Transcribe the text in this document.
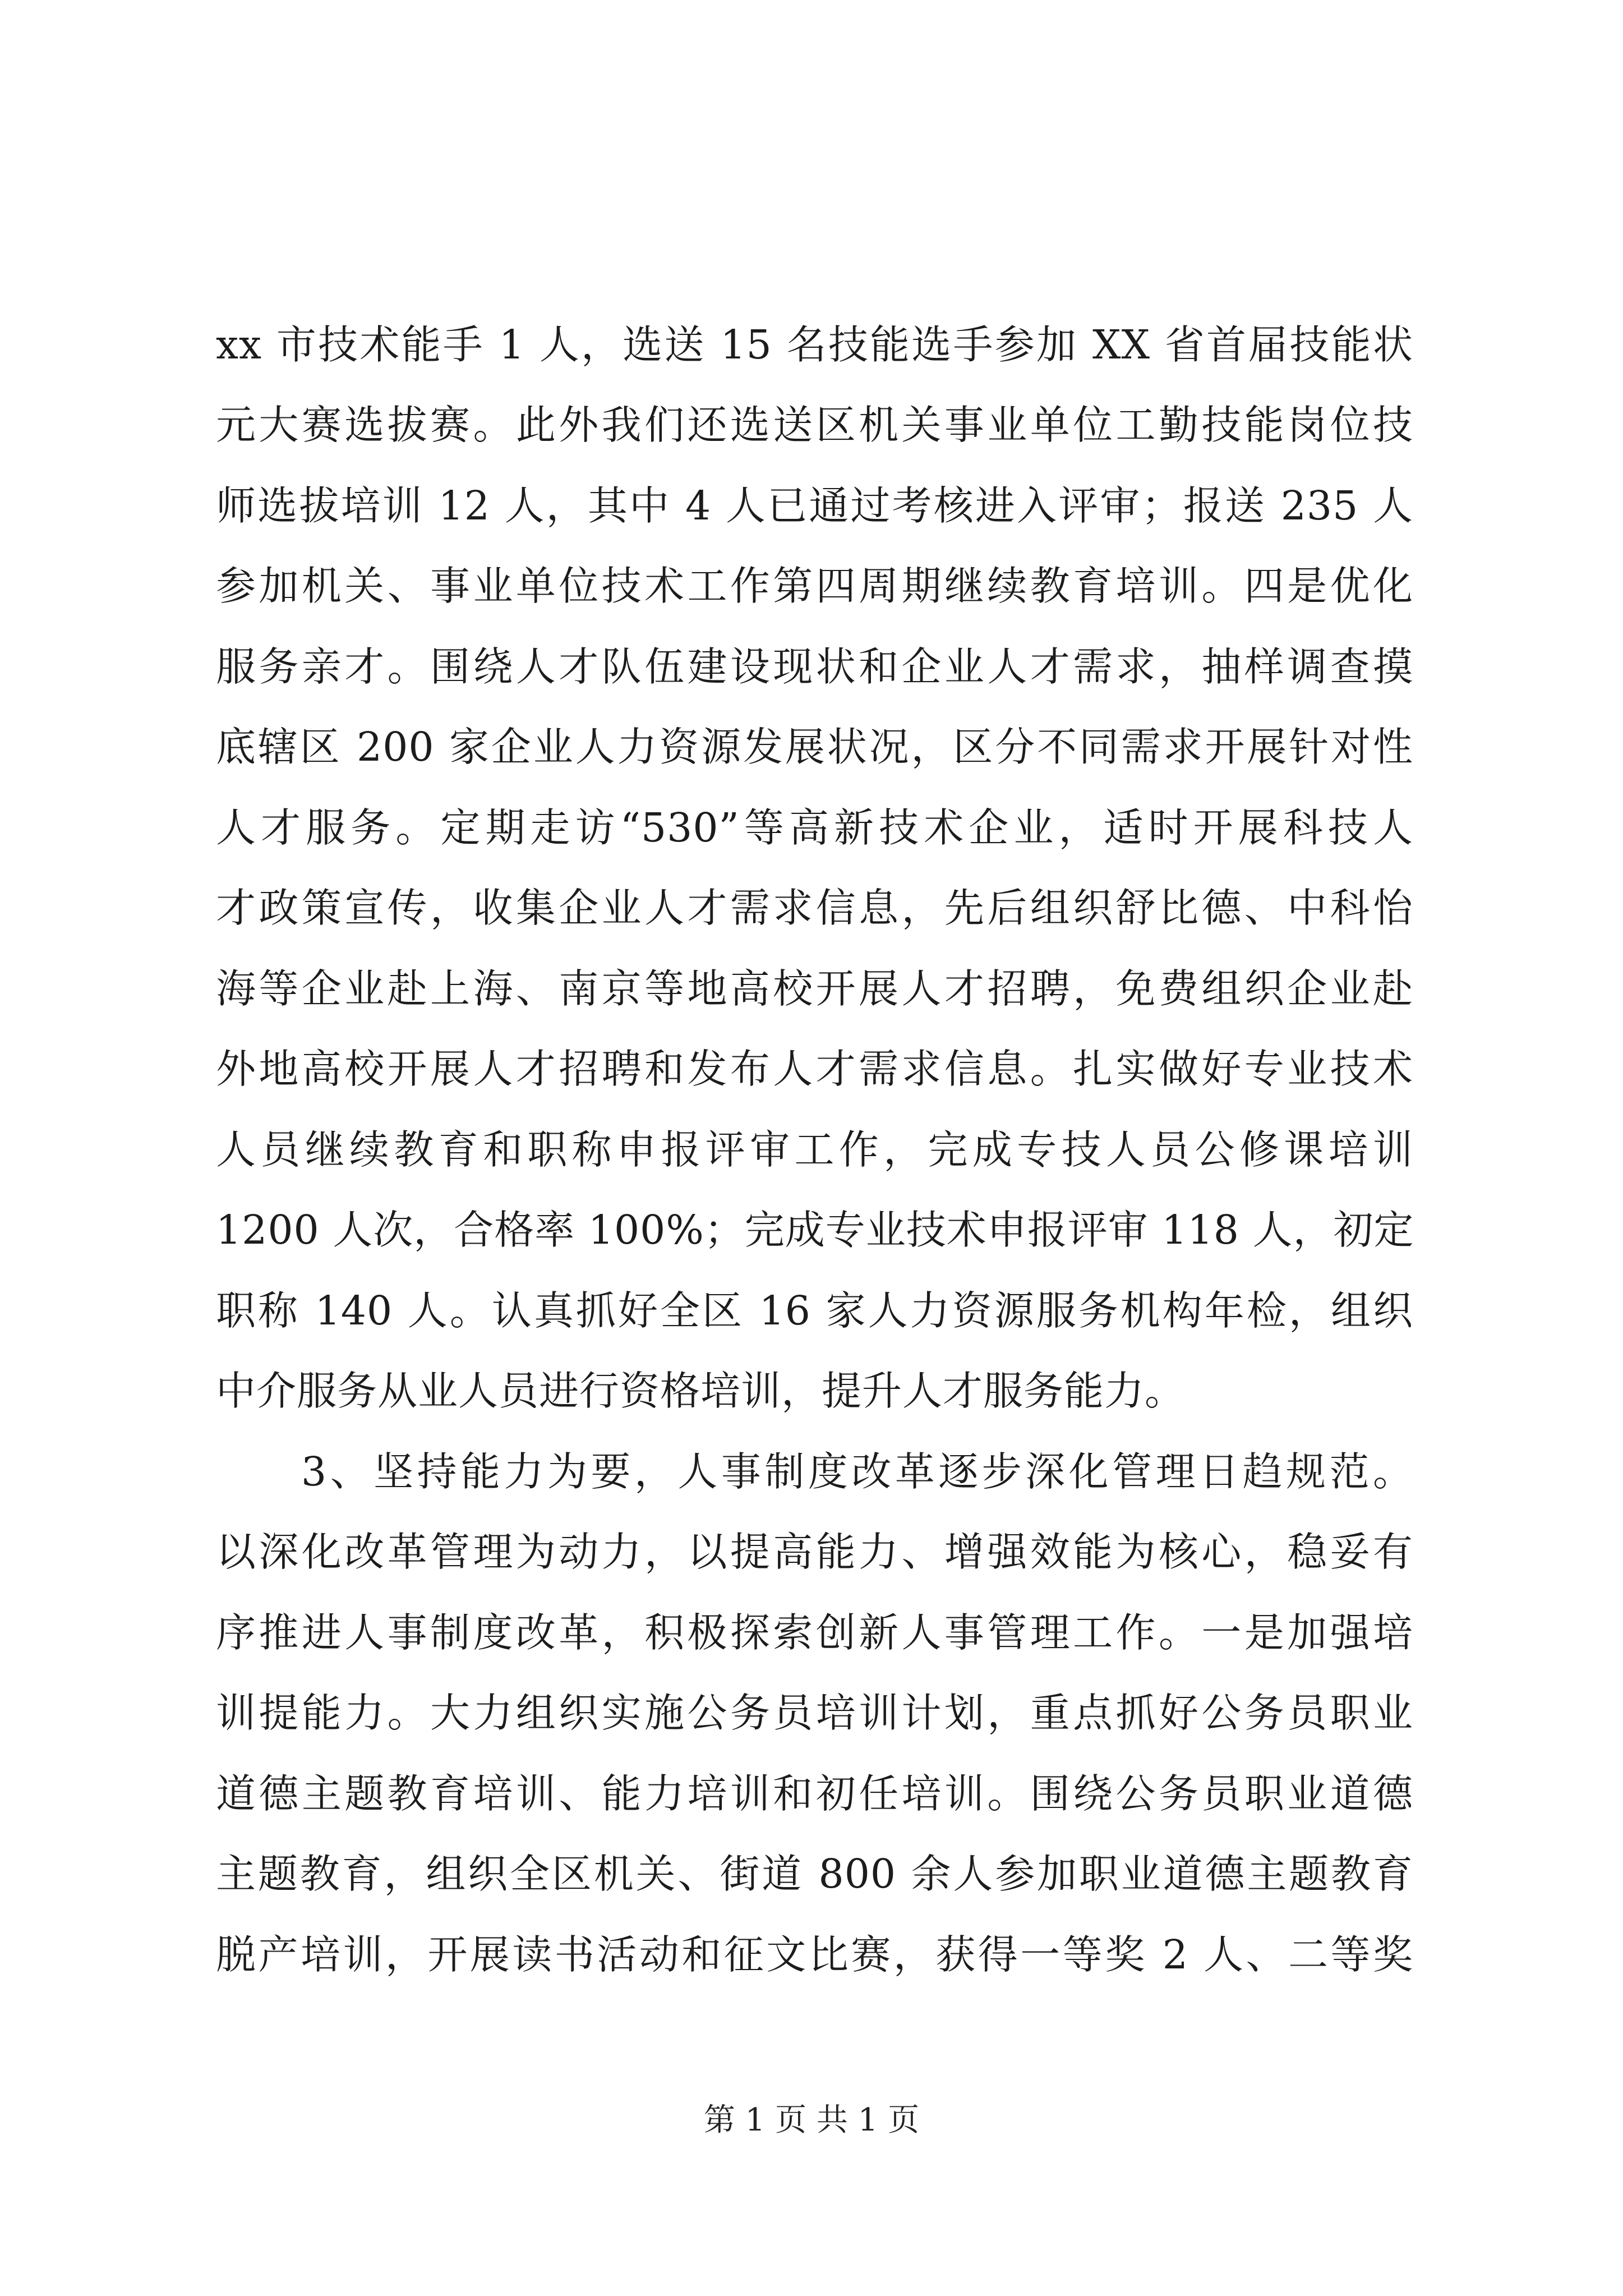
xx 市技术能手 1 人，选送 15 名技能选手参加 XX 省首届技能状
元大赛选拔赛。此外我们还选送区机关事业单位工勤技能岗位技
师选拔培训 12 人，其中 4 人已通过考核进入评审；报送 235 人
参加机关、事业单位技术工作第四周期继续教育培训。四是优化
服务亲才。围绕人才队伍建设现状和企业人才需求，抽样调查摸
底辖区 200 家企业人力资源发展状况，区分不同需求开展针对性
人才服务。定期走访“530”等高新技术企业，适时开展科技人
才政策宣传，收集企业人才需求信息，先后组织舒比德、中科怡
海等企业赴上海、南京等地高校开展人才招聘，免费组织企业赴
外地高校开展人才招聘和发布人才需求信息。扎实做好专业技术
人员继续教育和职称申报评审工作，完成专技人员公修课培训
1200 人次，合格率 100%；完成专业技术申报评审 118 人，初定
职称 140 人。认真抓好全区 16 家人力资源服务机构年检，组织
中介服务从业人员进行资格培训，提升人才服务能力。
3、坚持能力为要，人事制度改革逐步深化管理日趋规范。
以深化改革管理为动力，以提高能力、增强效能为核心，稳妥有
序推进人事制度改革，积极探索创新人事管理工作。一是加强培
训提能力。大力组织实施公务员培训计划，重点抓好公务员职业
道德主题教育培训、能力培训和初任培训。围绕公务员职业道德
主题教育，组织全区机关、街道 800 余人参加职业道德主题教育
脱产培训，开展读书活动和征文比赛，获得一等奖 2 人、二等奖
第 1 页 共 1 页
